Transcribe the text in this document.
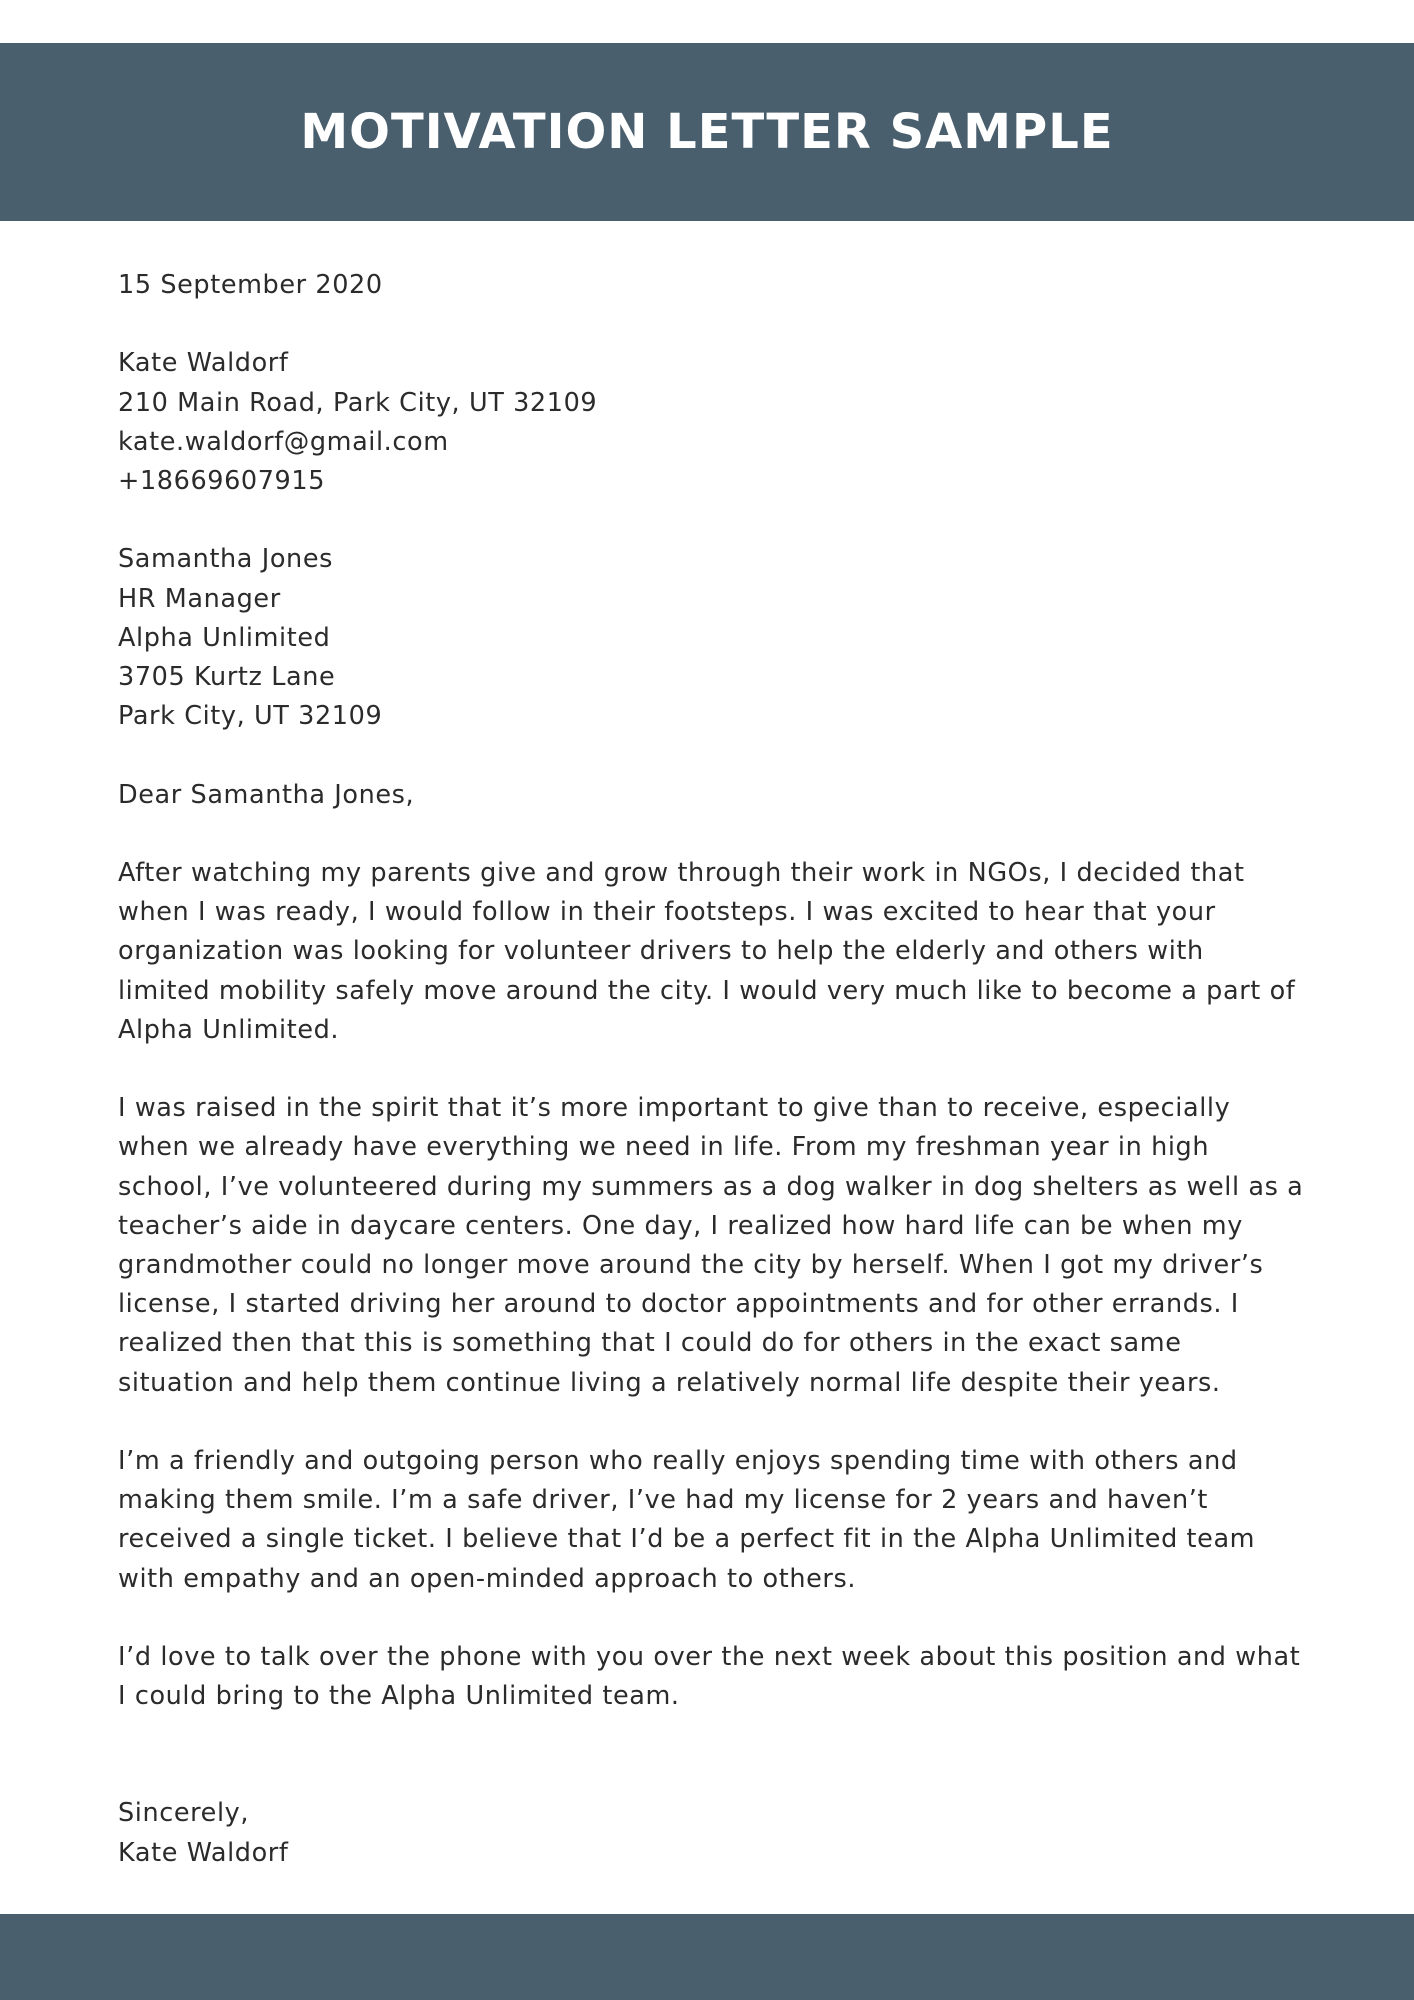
MOTIVATION LETTER SAMPLE
15 September 2020
Kate Waldorf
210 Main Road, Park City, UT 32109
kate.waldorf@gmail.com
+18669607915
Samantha Jones
HR Manager
Alpha Unlimited
3705 Kurtz Lane
Park City, UT 32109
Dear Samantha Jones,
After watching my parents give and grow through their work in NGOs, I decided that
when I was ready, I would follow in their footsteps. I was excited to hear that your
organization was looking for volunteer drivers to help the elderly and others with
limited mobility safely move around the city. I would very much like to become a part of
Alpha Unlimited.
I was raised in the spirit that it’s more important to give than to receive, especially
when we already have everything we need in life. From my freshman year in high
school, I’ve volunteered during my summers as a dog walker in dog shelters as well as a
teacher’s aide in daycare centers. One day, I realized how hard life can be when my
grandmother could no longer move around the city by herself. When I got my driver’s
license, I started driving her around to doctor appointments and for other errands. I
realized then that this is something that I could do for others in the exact same
situation and help them continue living a relatively normal life despite their years.
I’m a friendly and outgoing person who really enjoys spending time with others and
making them smile. I’m a safe driver, I’ve had my license for 2 years and haven’t
received a single ticket. I believe that I’d be a perfect fit in the Alpha Unlimited team
with empathy and an open-minded approach to others.
I’d love to talk over the phone with you over the next week about this position and what
I could bring to the Alpha Unlimited team.
Sincerely,
Kate Waldorf
